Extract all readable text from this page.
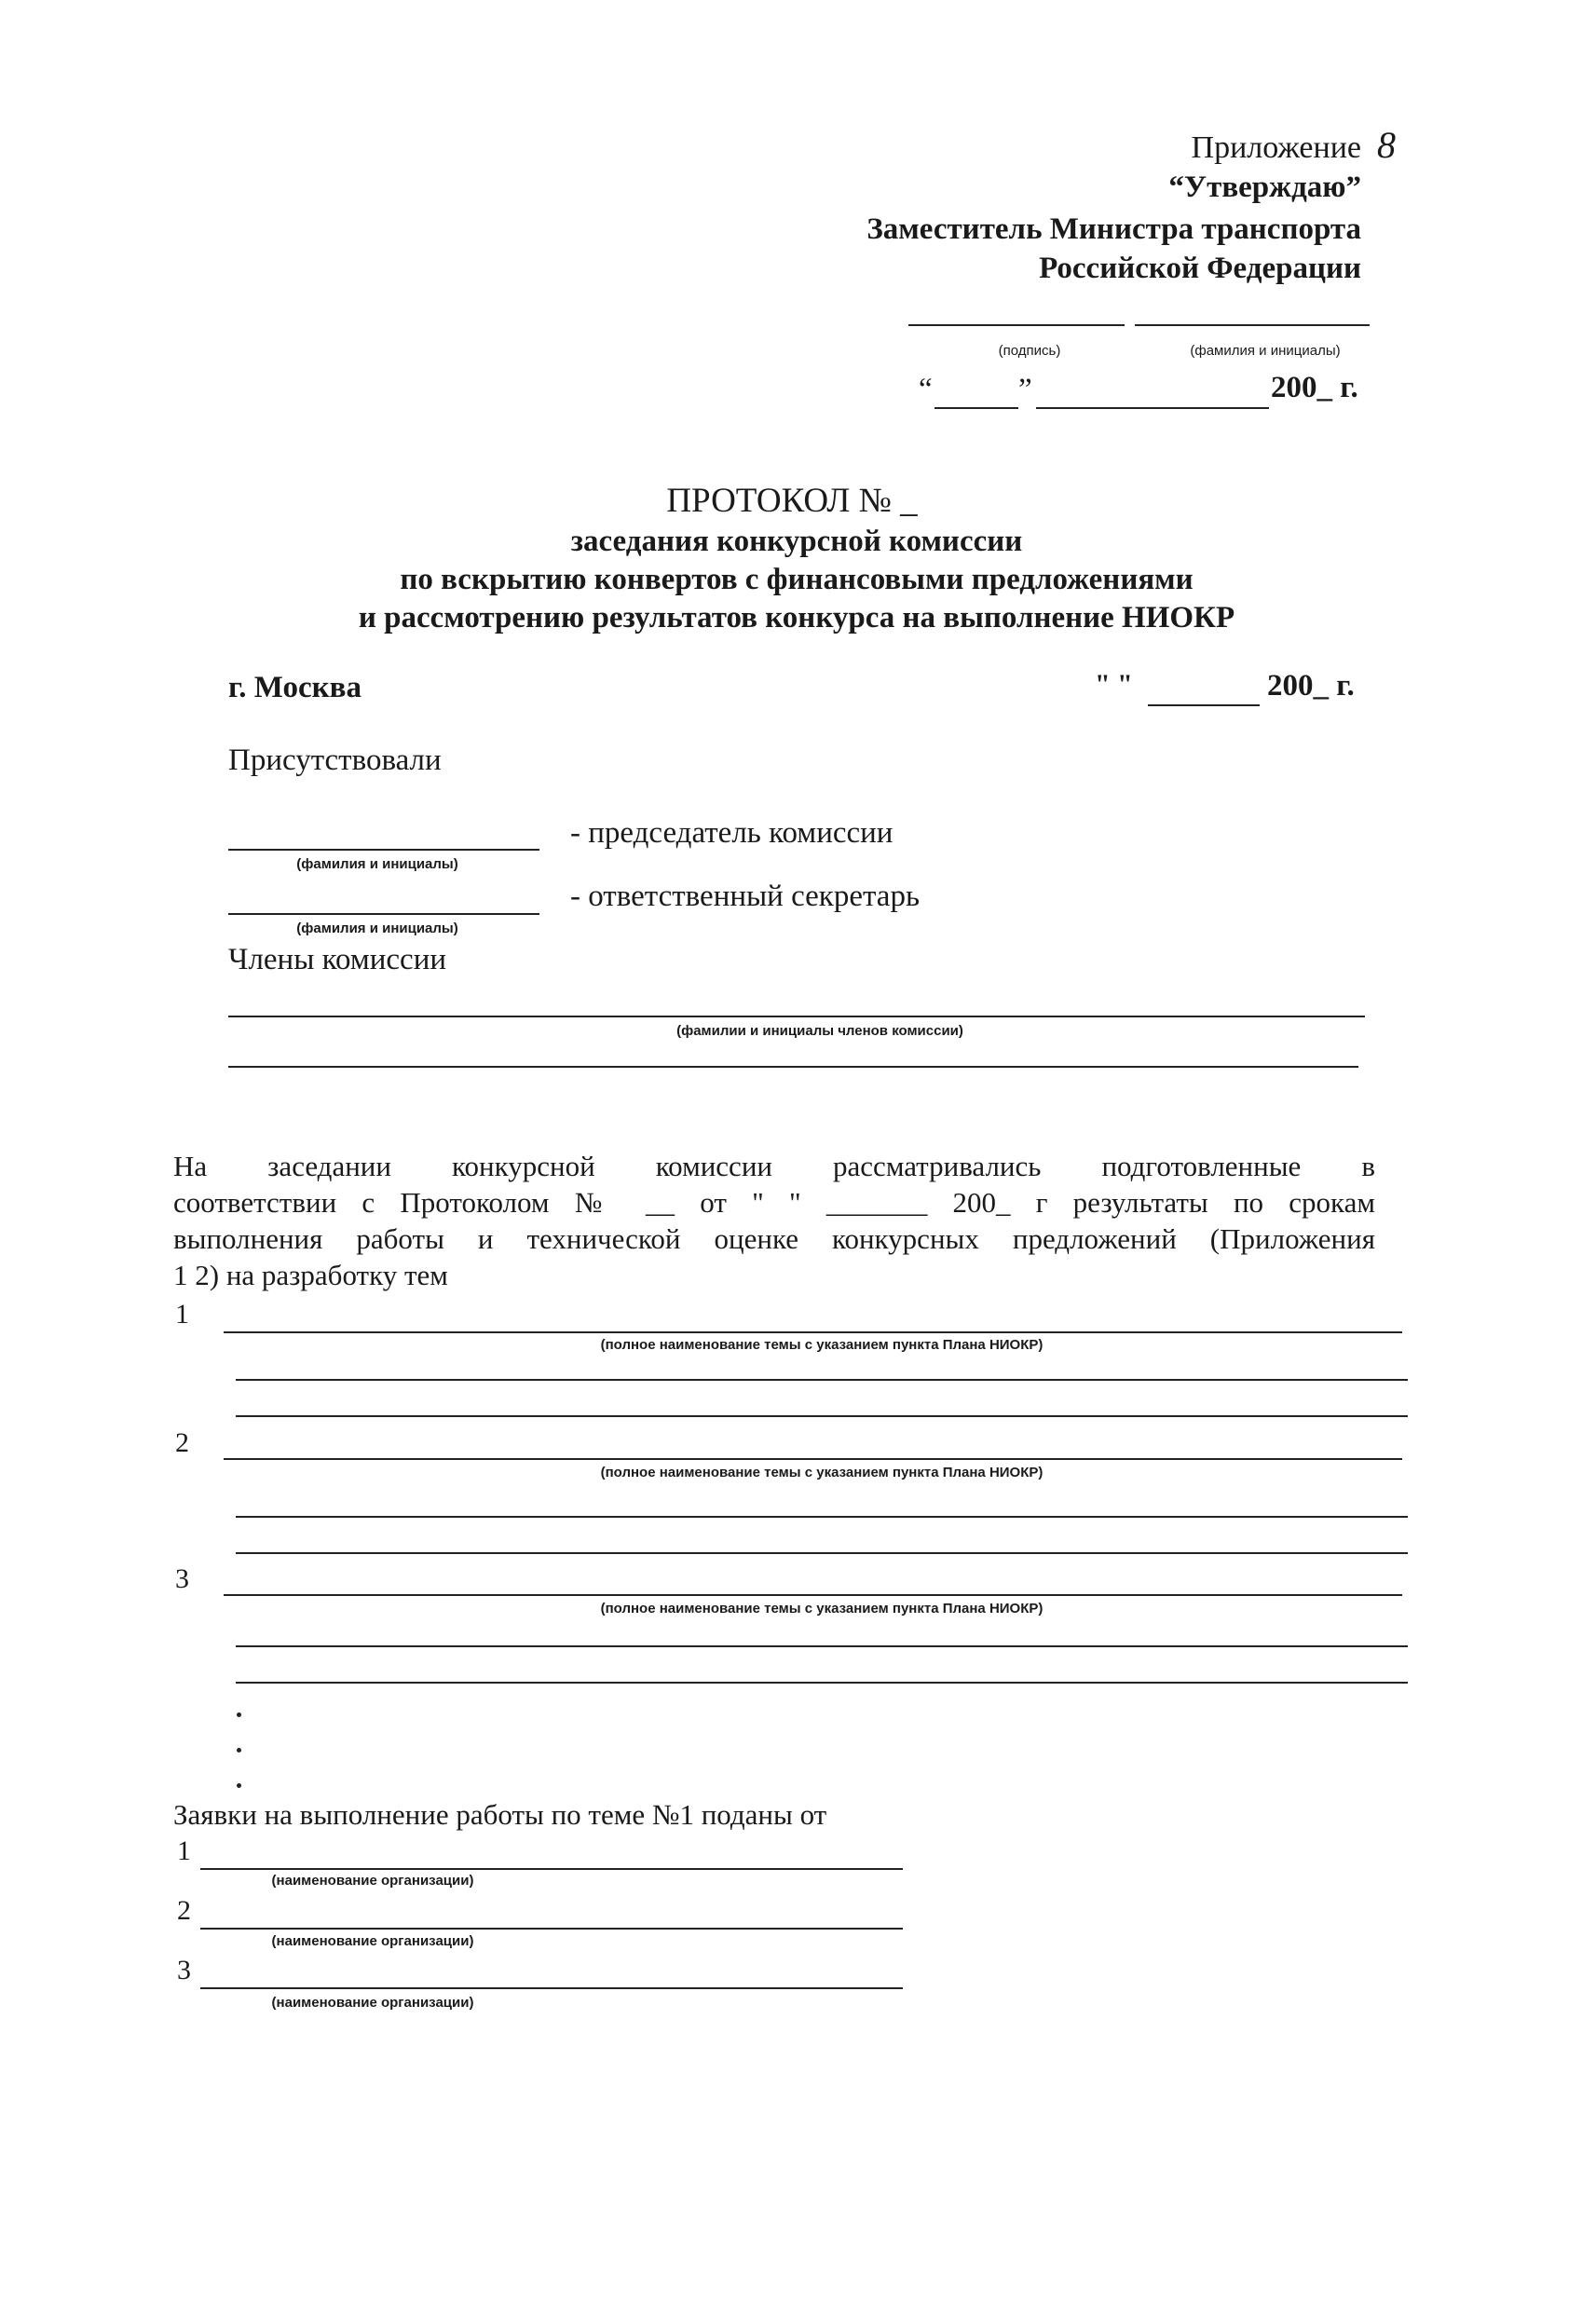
Приложение 8
“Утверждаю”
Заместитель Министра транспорта
Российской Федерации
(подпись)	(фамилия и инициалы)
“	”	200_ г.
ПРОТОКОЛ № _
заседания конкурсной комиссии
по вскрытию конвертов с финансовыми предложениями
и рассмотрению результатов конкурса на выполнение НИОКР
г. Москва	" "	200_ г.
Присутствовали
- председатель комиссии
(фамилия и инициалы)
- ответственный секретарь
(фамилия и инициалы)
Члены комиссии
(фамилии и инициалы членов комиссии)
На заседании конкурсной комиссии рассматривались подготовленные в
соответствии с Протоколом № __ от " " _______ 200_ г результаты по срокам
выполнения работы и технической оценке конкурсных предложений (Приложения
1 2) на разработку тем
1
(полное наименование темы с указанием пункта Плана НИОКР)
2
(полное наименование темы с указанием пункта Плана НИОКР)
3
(полное наименование темы с указанием пункта Плана НИОКР)
Заявки на выполнение работы по теме №1 поданы от
1
(наименование организации)
2
(наименование организации)
3
(наименование организации)
